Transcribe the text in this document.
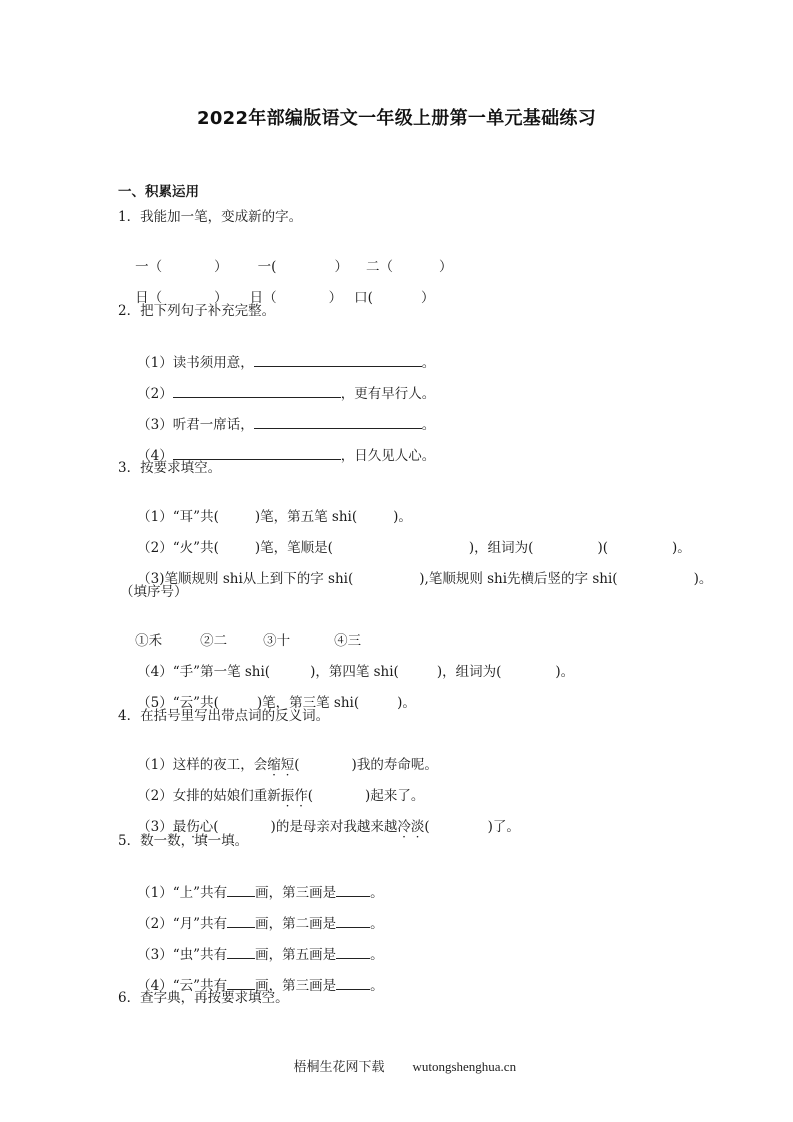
2022年部编版语文一年级上册第一单元基础练习
一、积累运用
1．我能加一笔，变成新的字。

一（	） 一(	） 二（	）

日（	） 日（	） 口(	）

2．把下列句子补充完整。

（1）读书须用意，	。

（2）	，更有早行人。

（3）听君一席话，	。

（4）	，日久见人心。

3．按要求填空。

（1）“耳”共(	)笔，第五笔 shi(	)。

（2）“火”共(	)笔，笔顺是(	)，组词为(	)(	)。

（3)笔顺规则 shi从上到下的字 shi(	),笔顺规则 shi先横后竖的字 shi(	)。

（填序号）

①禾	②二	③十	④三

（4）“手”第一笔 shi(	)，第四笔 shi(	)，组词为(	)。

（5）“云”共(	)笔，第三笔 shi(	)。

4．在括号里写出带点词的反义词。

（1）这样的夜工，会缩短(	)我的寿命呢。

（2）女排的姑娘们重新振作(	)起来了。

（3）最伤心(	)的是母亲对我越来越冷淡(	)了。

5．数一数，填一填。

（1）“上”共有 画，第三画是	。

（2）“月”共有 画，第二画是	。

（3）“虫”共有 画，第五画是	。

（4）“云”共有 画，第三画是	。

6．查字典，再按要求填空。

梧桐生花网下载 wutongshenghua.cn
